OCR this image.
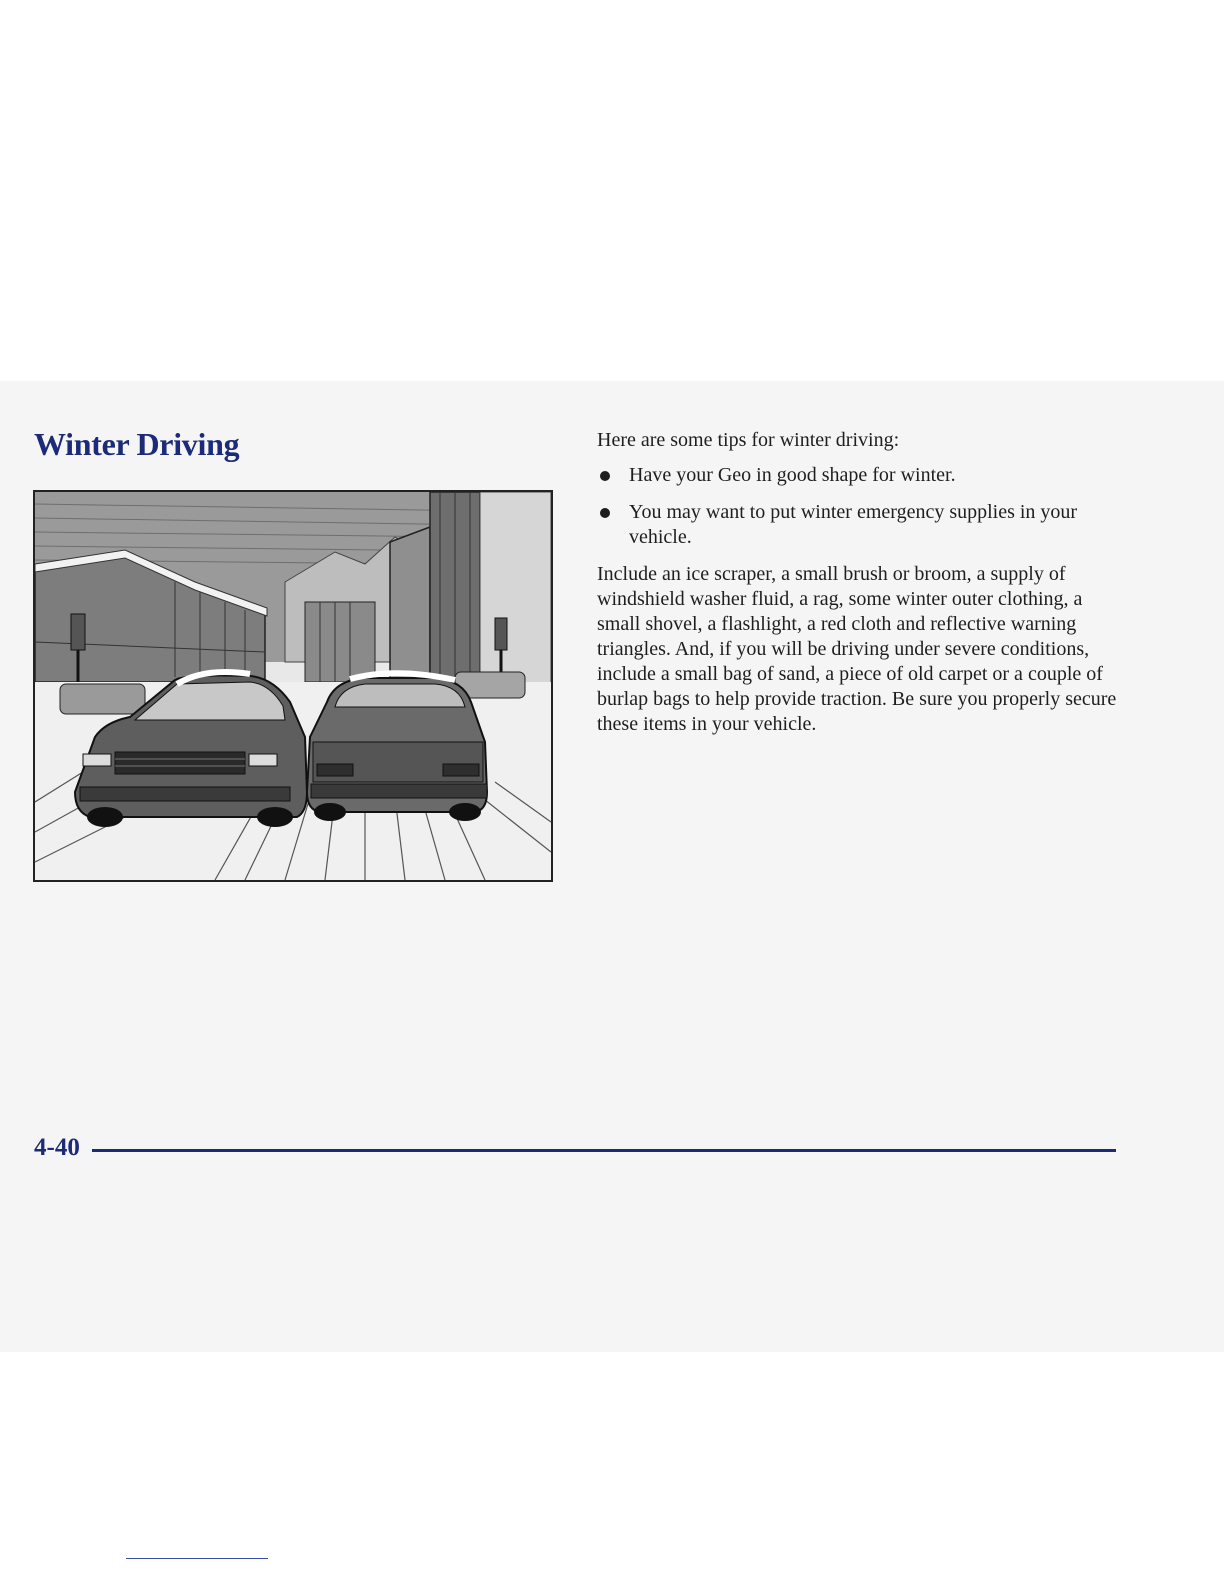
Winter Driving	Here are some tips for winter driving:

Have your Geo in good shape for winter.
You may want to put winter emergency supplies in your vehicle.

Include an ice scraper, a small brush or broom, a supply of windshield washer fluid, a rag, some winter outer clothing, a small shovel, a flashlight, a red cloth and reflective warning triangles. And, if you will be driving under severe conditions, include a small bag of sand, a piece of old carpet or a couple of burlap bags to help provide traction. Be sure you properly secure these items in your vehicle.

4-40
